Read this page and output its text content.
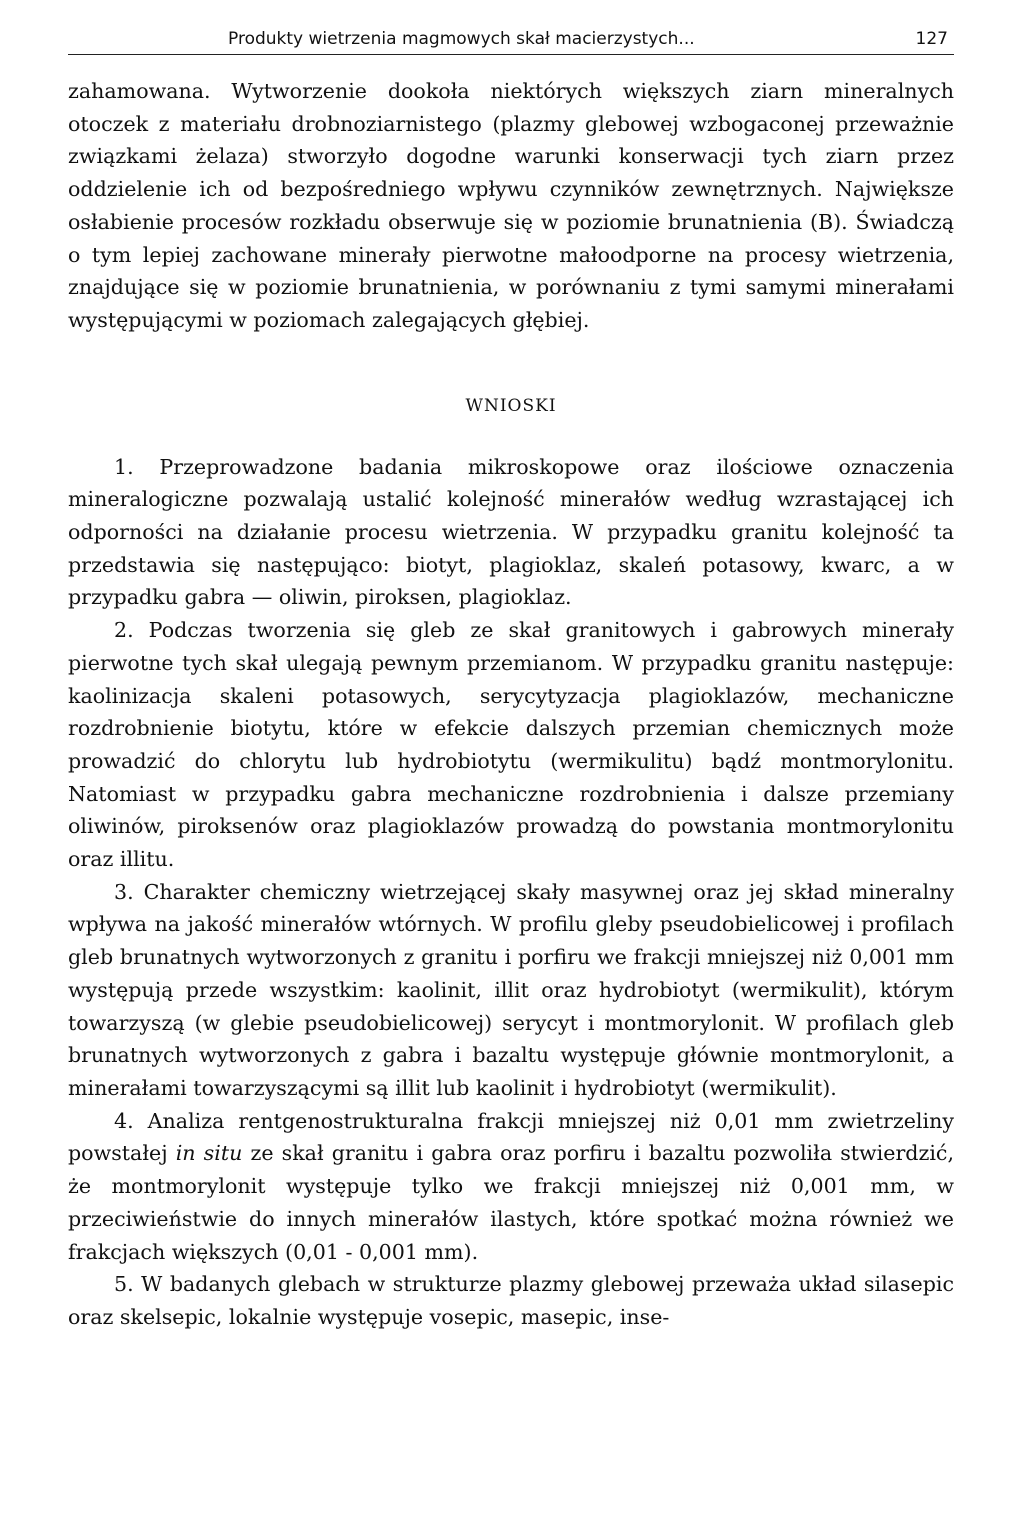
Produkty wietrzenia magmowych skał macierzystych...	127

zahamowana. Wytworzenie dookoła niektórych większych ziarn mineralnych otoczek z materiału drobnoziarnistego (plazmy glebowej wzbogaconej przeważnie związkami żelaza) stworzyło dogodne warunki konserwacji tych ziarn przez oddzielenie ich od bezpośredniego wpływu czynników zewnętrznych. Największe osłabienie procesów rozkładu obserwuje się w poziomie brunatnienia (B). Świadczą o tym lepiej zachowane minerały pierwotne małoodporne na procesy wietrzenia, znajdujące się w poziomie brunatnienia, w porównaniu z tymi samymi minerałami występującymi w poziomach zalegających głębiej.

WNIOSKI

1. Przeprowadzone badania mikroskopowe oraz ilościowe oznaczenia mineralogiczne pozwalają ustalić kolejność minerałów według wzrastającej ich odporności na działanie procesu wietrzenia. W przypadku granitu kolejność ta przedstawia się następująco: biotyt, plagioklaz, skaleń potasowy, kwarc, a w przypadku gabra — oliwin, piroksen, plagioklaz.

2. Podczas tworzenia się gleb ze skał granitowych i gabrowych minerały pierwotne tych skał ulegają pewnym przemianom. W przypadku granitu następuje: kaolinizacja skaleni potasowych, serycytyzacja plagioklazów, mechaniczne rozdrobnienie biotytu, które w efekcie dalszych przemian chemicznych może prowadzić do chlorytu lub hydrobiotytu (wermikulitu) bądź montmorylonitu. Natomiast w przypadku gabra mechaniczne rozdrobnienia i dalsze przemiany oliwinów, piroksenów oraz plagioklazów prowadzą do powstania montmorylonitu oraz illitu.

3. Charakter chemiczny wietrzejącej skały masywnej oraz jej skład mineralny wpływa na jakość minerałów wtórnych. W profilu gleby pseudobielicowej i profilach gleb brunatnych wytworzonych z granitu i porfiru we frakcji mniejszej niż 0,001 mm występują przede wszystkim: kaolinit, illit oraz hydrobiotyt (wermikulit), którym towarzyszą (w glebie pseudobielicowej) serycyt i montmorylonit. W profilach gleb brunatnych wytworzonych z gabra i bazaltu występuje głównie montmorylonit, a minerałami towarzyszącymi są illit lub kaolinit i hydrobiotyt (wermikulit).

4. Analiza rentgenostrukturalna frakcji mniejszej niż 0,01 mm zwietrzeliny powstałej in situ ze skał granitu i gabra oraz porfiru i bazaltu pozwoliła stwierdzić, że montmorylonit występuje tylko we frakcji mniejszej niż 0,001 mm, w przeciwieństwie do innych minerałów ilastych, które spotkać można również we frakcjach większych (0,01 - 0,001 mm).

5. W badanych glebach w strukturze plazmy glebowej przeważa układ silasepic oraz skelsepic, lokalnie występuje vosepic, masepic, inse-
